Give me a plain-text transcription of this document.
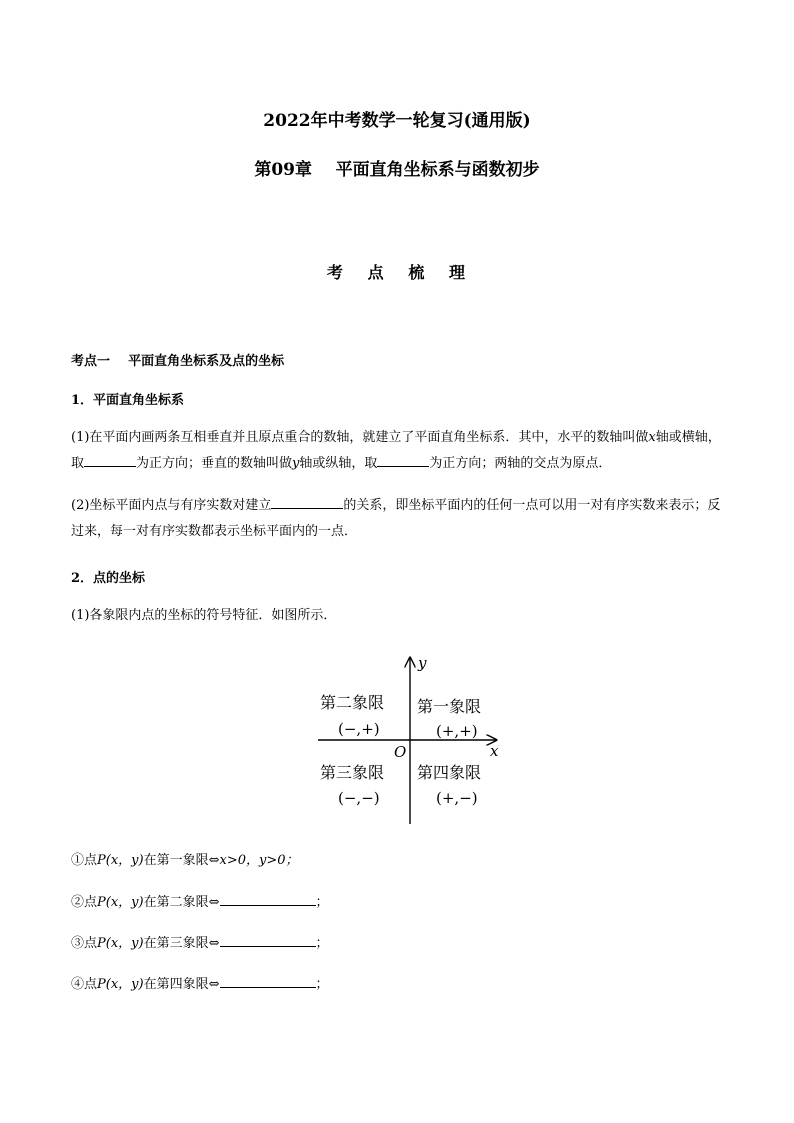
2022年中考数学一轮复习(通用版)
第09章    平面直角坐标系与函数初步
考   点   梳   理
考点一    平面直角坐标系及点的坐标
1．平面直角坐标系
(1)在平面内画两条互相垂直并且原点重合的数轴，就建立了平面直角坐标系．其中，水平的数轴叫做x轴或横轴，取	为正方向；垂直的数轴叫做y轴或纵轴，取	为正方向；两轴的交点为原点．
(2)坐标平面内点与有序实数对建立	的关系，即坐标平面内的任何一点可以用一对有序实数来表示；反过来，每一对有序实数都表示坐标平面内的一点．
2．点的坐标
(1)各象限内点的坐标的符号特征．如图所示．
y
x
O
第二象限
(−,+)
第一象限
(+,+)
第三象限
(−,−)
第四象限
(+,−)
①点P(x，y)在第一象限⇔x>0，y>0；
②点P(x，y)在第二象限⇔	；
③点P(x，y)在第三象限⇔	；
④点P(x，y)在第四象限⇔	；
